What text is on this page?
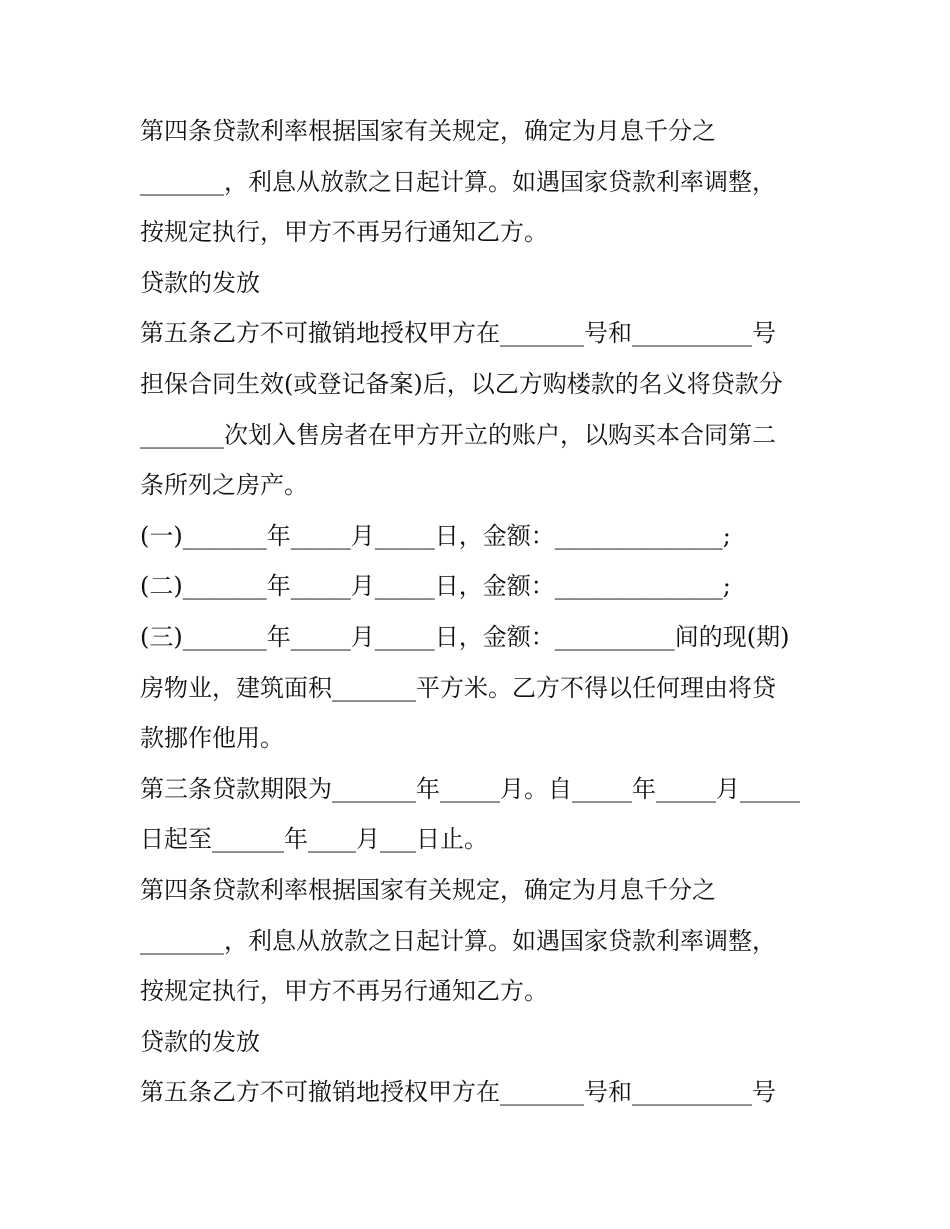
第四条贷款利率根据国家有关规定，确定为月息千分之
_______，利息从放款之日起计算。如遇国家贷款利率调整，
按规定执行，甲方不再另行通知乙方。
贷款的发放
第五条乙方不可撤销地授权甲方在_______号和__________号
担保合同生效(或登记备案)后，以乙方购楼款的名义将贷款分
_______次划入售房者在甲方开立的账户，以购买本合同第二
条所列之房产。
(一)_______年_____月_____日，金额：______________;
(二)_______年_____月_____日，金额：______________;
(三)_______年_____月_____日，金额：__________间的现(期)
房物业，建筑面积_______平方米。乙方不得以任何理由将贷
款挪作他用。
第三条贷款期限为_______年_____月。自_____年_____月_____
日起至______年____月___日止。
第四条贷款利率根据国家有关规定，确定为月息千分之
_______，利息从放款之日起计算。如遇国家贷款利率调整，
按规定执行，甲方不再另行通知乙方。
贷款的发放
第五条乙方不可撤销地授权甲方在_______号和__________号
